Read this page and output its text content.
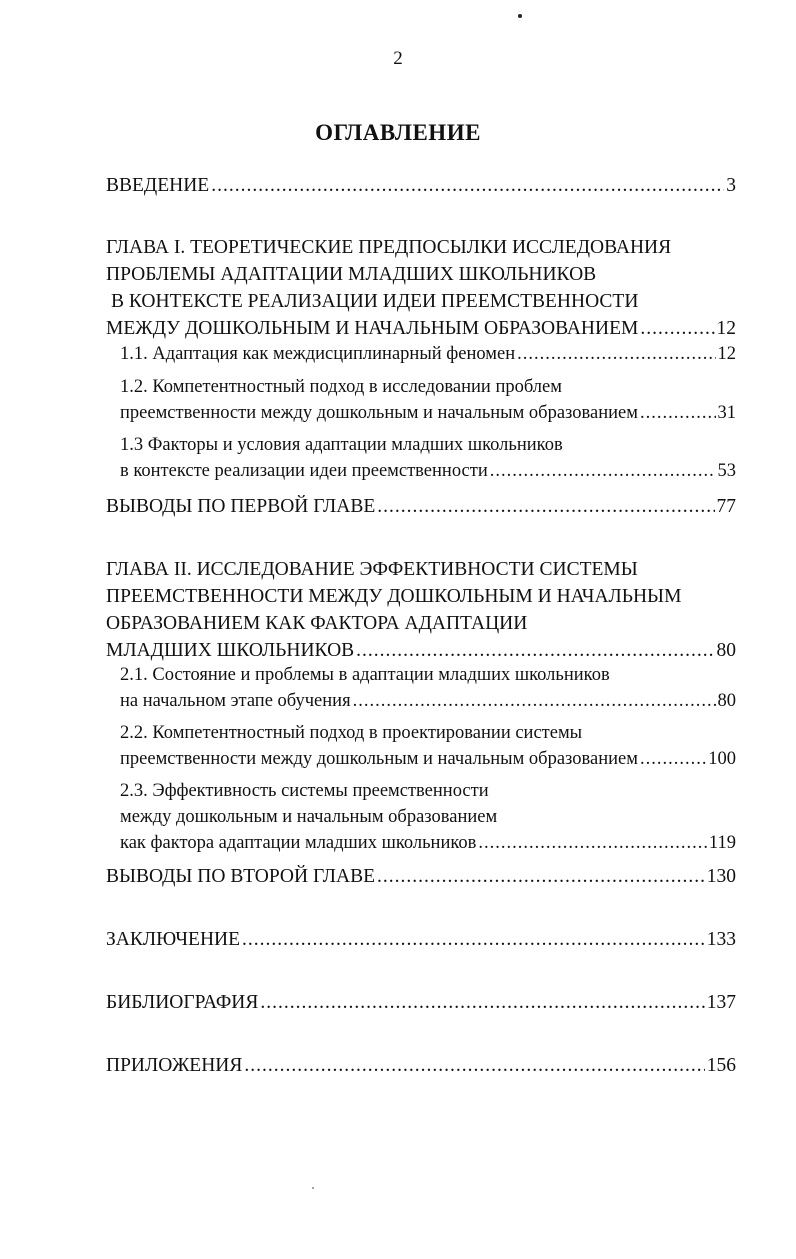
2
ОГЛАВЛЕНИЕ
ВВЕДЕНИЕ .....	3
ГЛАВА I. ТЕОРЕТИЧЕСКИЕ ПРЕДПОСЫЛКИ ИССЛЕДОВАНИЯ
ПРОБЛЕМЫ АДАПТАЦИИ МЛАДШИХ ШКОЛЬНИКОВ
В КОНТЕКСТЕ РЕАЛИЗАЦИИ ИДЕИ ПРЕЕМСТВЕННОСТИ
МЕЖДУ ДОШКОЛЬНЫМ И НАЧАЛЬНЫМ ОБРАЗОВАНИЕМ .....	12
1.1. Адаптация как междисциплинарный феномен .....	12
1.2. Компетентностный подход в исследовании проблем
преемственности между дошкольным и начальным образованием .....	31
1.3 Факторы и условия адаптации младших школьников
в контексте реализации идеи преемственности .....	53
ВЫВОДЫ ПО ПЕРВОЙ ГЛАВЕ .....	77
ГЛАВА II. ИССЛЕДОВАНИЕ ЭФФЕКТИВНОСТИ СИСТЕМЫ
ПРЕЕМСТВЕННОСТИ МЕЖДУ ДОШКОЛЬНЫМ И НАЧАЛЬНЫМ
ОБРАЗОВАНИЕМ КАК ФАКТОРА АДАПТАЦИИ
МЛАДШИХ ШКОЛЬНИКОВ .....	80
2.1. Состояние и проблемы в адаптации младших школьников
на начальном этапе обучения .....	80
2.2. Компетентностный подход в проектировании системы
преемственности между дошкольным и начальным образованием .....	100
2.3. Эффективность системы преемственности
между дошкольным и начальным образованием
как фактора адаптации младших школьников .....	119
ВЫВОДЫ ПО ВТОРОЙ ГЛАВЕ .....	130
ЗАКЛЮЧЕНИЕ .....	133
БИБЛИОГРАФИЯ .....	137
ПРИЛОЖЕНИЯ .....	156
